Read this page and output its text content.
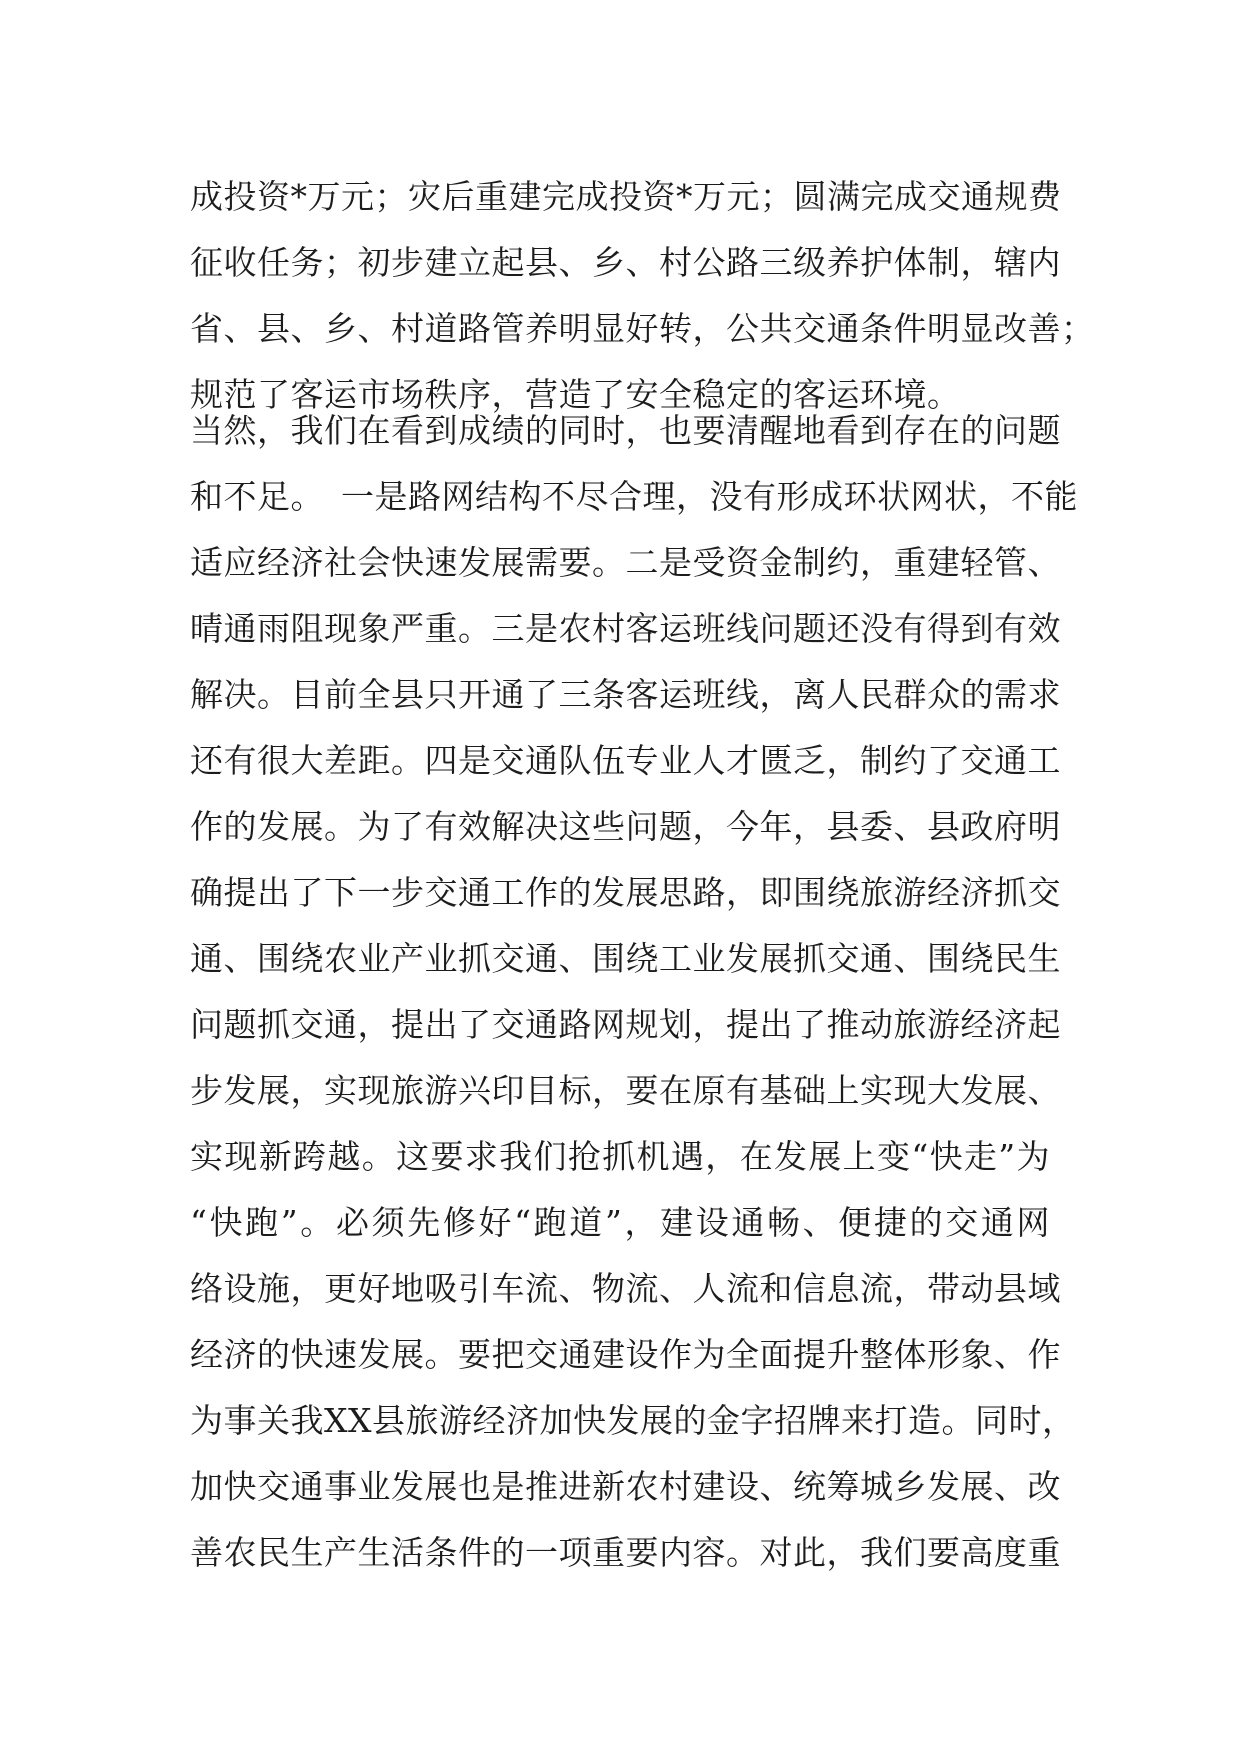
成投资*万元；灾后重建完成投资*万元；圆满完成交通规费
征收任务；初步建立起县、乡、村公路三级养护体制，辖内
省、县、乡、村道路管养明显好转，公共交通条件明显改善；
规范了客运市场秩序，营造了安全稳定的客运环境。
当然，我们在看到成绩的同时，也要清醒地看到存在的问题
和不足。　一是路网结构不尽合理，没有形成环状网状，不能
适应经济社会快速发展需要。二是受资金制约，重建轻管、
晴通雨阻现象严重。三是农村客运班线问题还没有得到有效
解决。目前全县只开通了三条客运班线，离人民群众的需求
还有很大差距。四是交通队伍专业人才匮乏，制约了交通工
作的发展。为了有效解决这些问题，今年，县委、县政府明
确提出了下一步交通工作的发展思路，即围绕旅游经济抓交
通、围绕农业产业抓交通、围绕工业发展抓交通、围绕民生
问题抓交通，提出了交通路网规划，提出了推动旅游经济起
步发展，实现旅游兴印目标，要在原有基础上实现大发展、
实现新跨越。这要求我们抢抓机遇，在发展上变“快走”为
“快跑”。必须先修好“跑道”，建设通畅、便捷的交通网
络设施，更好地吸引车流、物流、人流和信息流，带动县域
经济的快速发展。要把交通建设作为全面提升整体形象、作
为事关我XX县旅游经济加快发展的金字招牌来打造。同时，
加快交通事业发展也是推进新农村建设、统筹城乡发展、改
善农民生产生活条件的一项重要内容。对此，我们要高度重
